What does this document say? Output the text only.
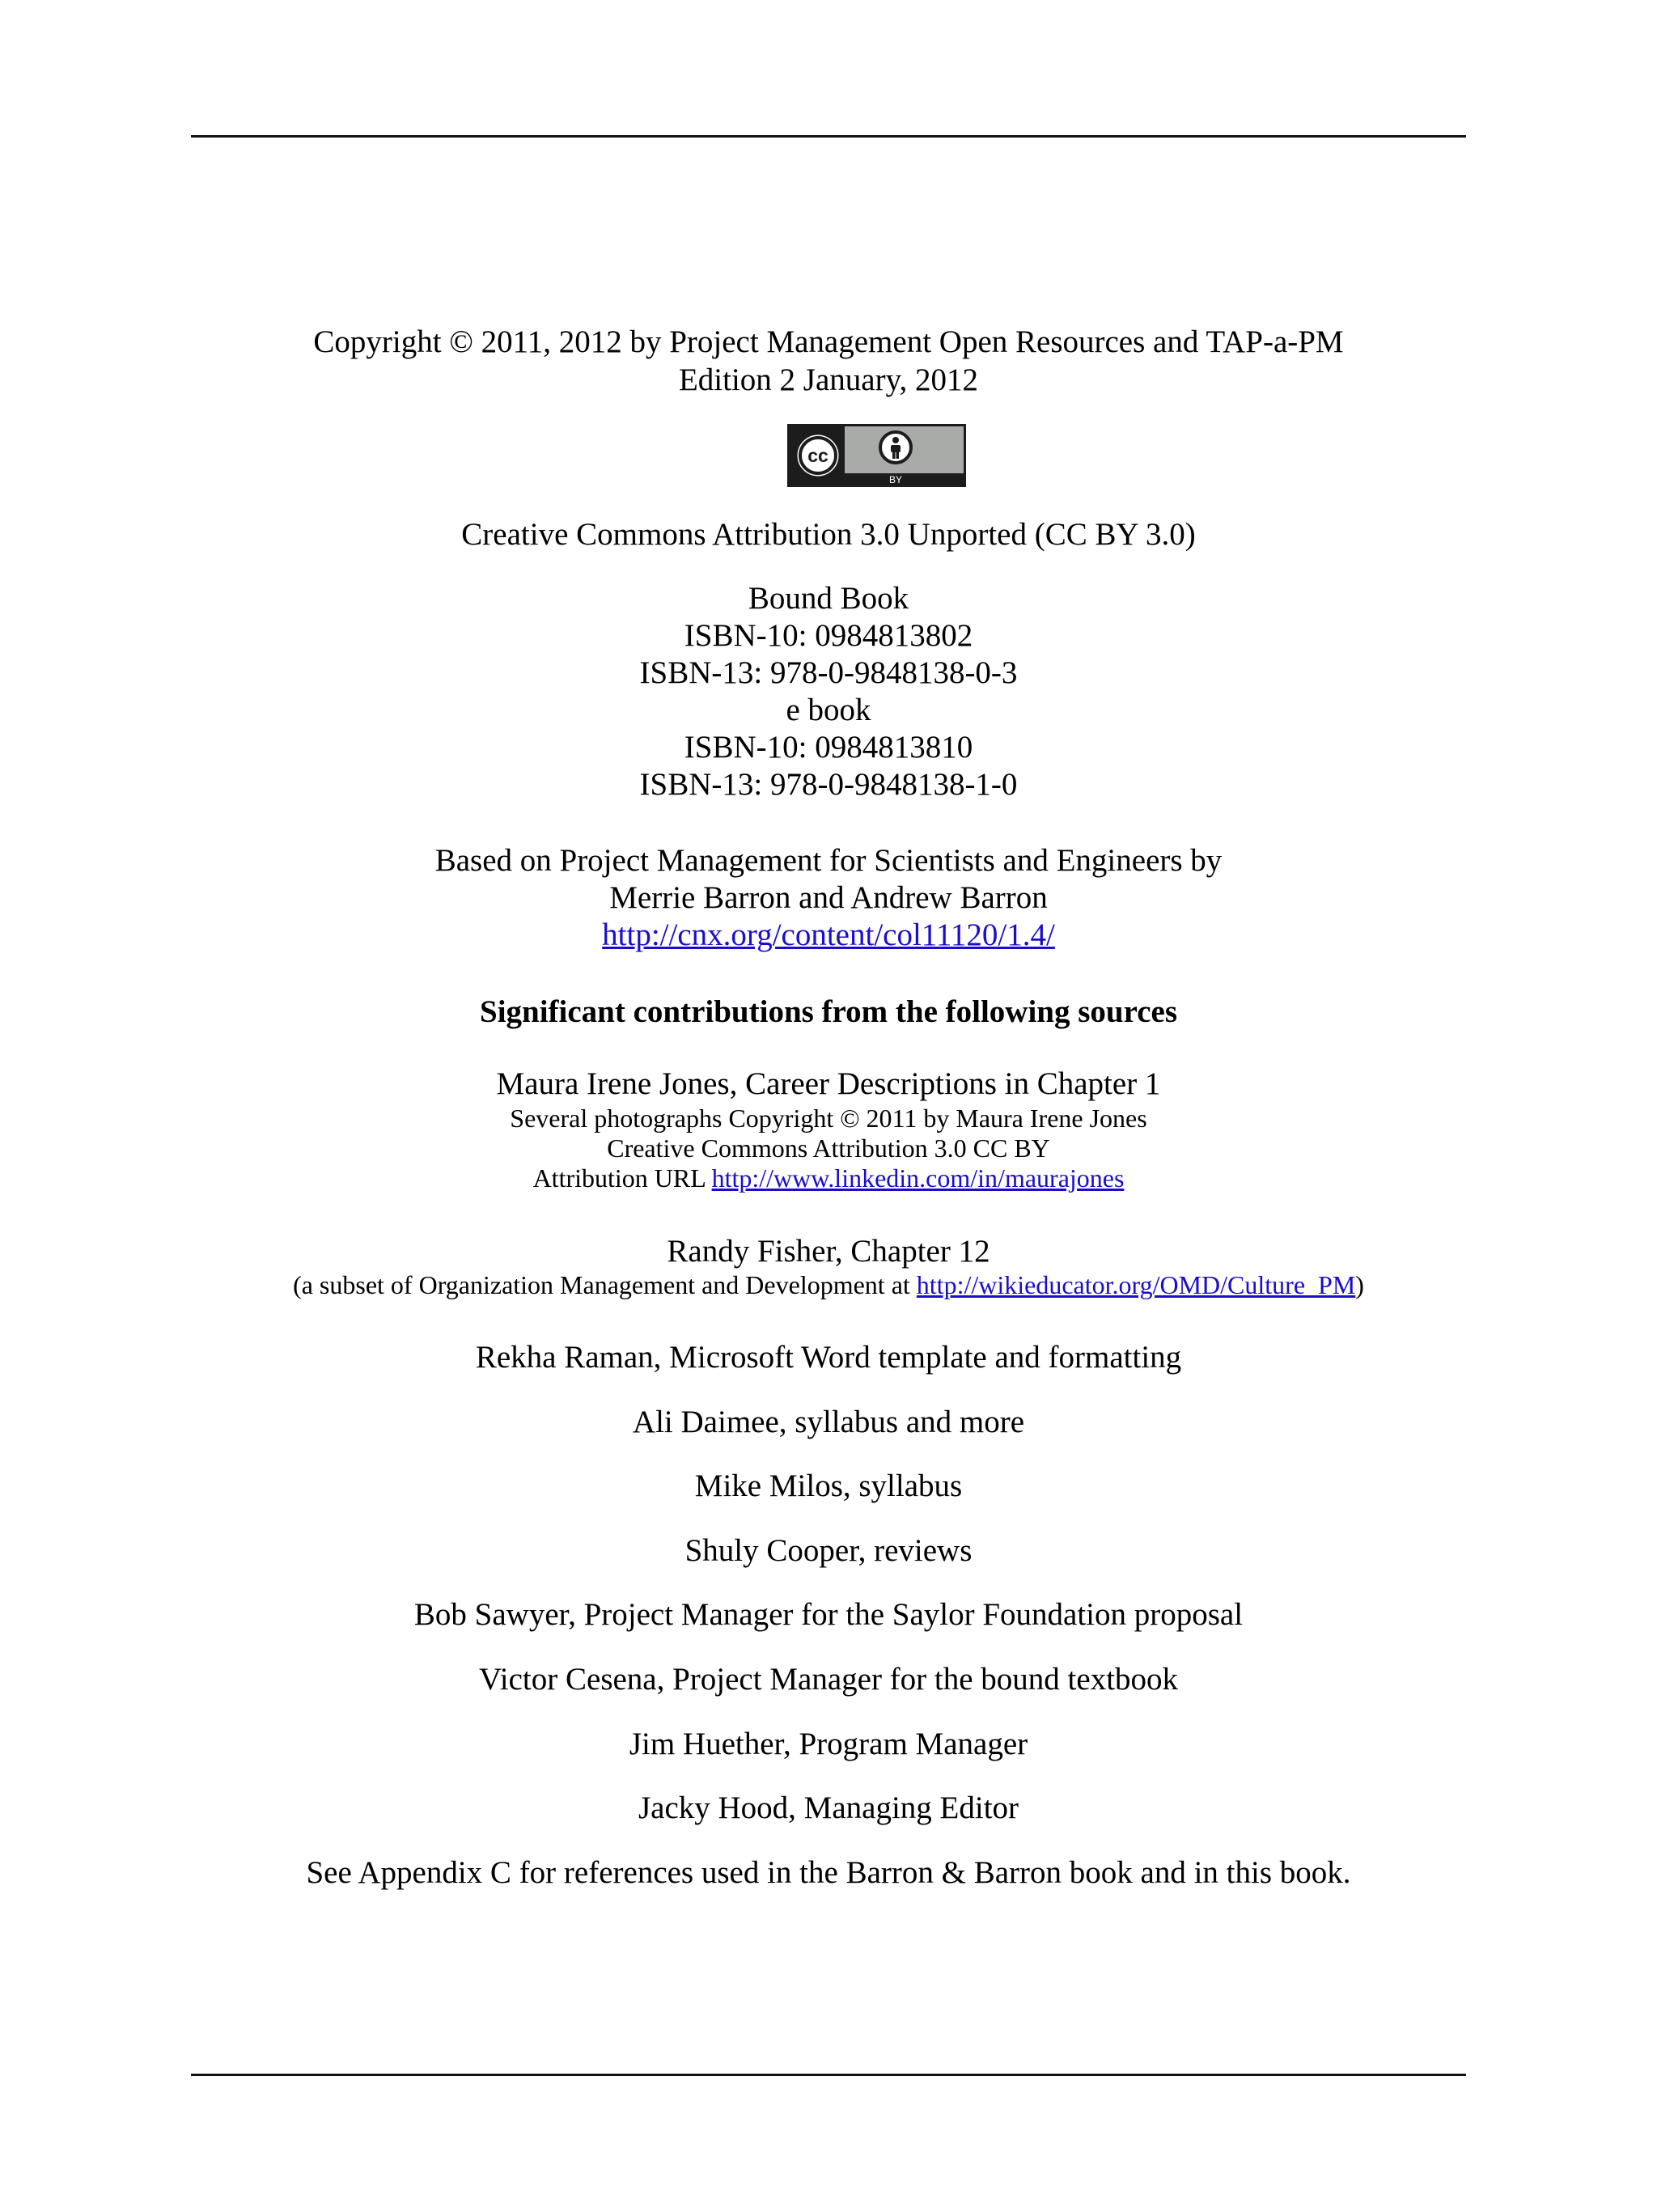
Copyright © 2011, 2012 by Project Management Open Resources and TAP-a-PM
Edition 2 January, 2012
cc
BY
Creative Commons Attribution 3.0 Unported (CC BY 3.0)
Bound Book
ISBN-10: 0984813802
ISBN-13: 978-0-9848138-0-3
e book
ISBN-10: 0984813810
ISBN-13: 978-0-9848138-1-0
Based on Project Management for Scientists and Engineers by
Merrie Barron and Andrew Barron
http://cnx.org/content/col11120/1.4/
Significant contributions from the following sources
Maura Irene Jones, Career Descriptions in Chapter 1
Several photographs Copyright © 2011 by Maura Irene Jones
Creative Commons Attribution 3.0 CC BY
Attribution URL http://www.linkedin.com/in/maurajones
Randy Fisher, Chapter 12
(a subset of Organization Management and Development at http://wikieducator.org/OMD/Culture_PM)
Rekha Raman, Microsoft Word template and formatting
Ali Daimee, syllabus and more
Mike Milos, syllabus
Shuly Cooper, reviews
Bob Sawyer, Project Manager for the Saylor Foundation proposal
Victor Cesena, Project Manager for the bound textbook
Jim Huether, Program Manager
Jacky Hood, Managing Editor
See Appendix C for references used in the Barron & Barron book and in this book.
